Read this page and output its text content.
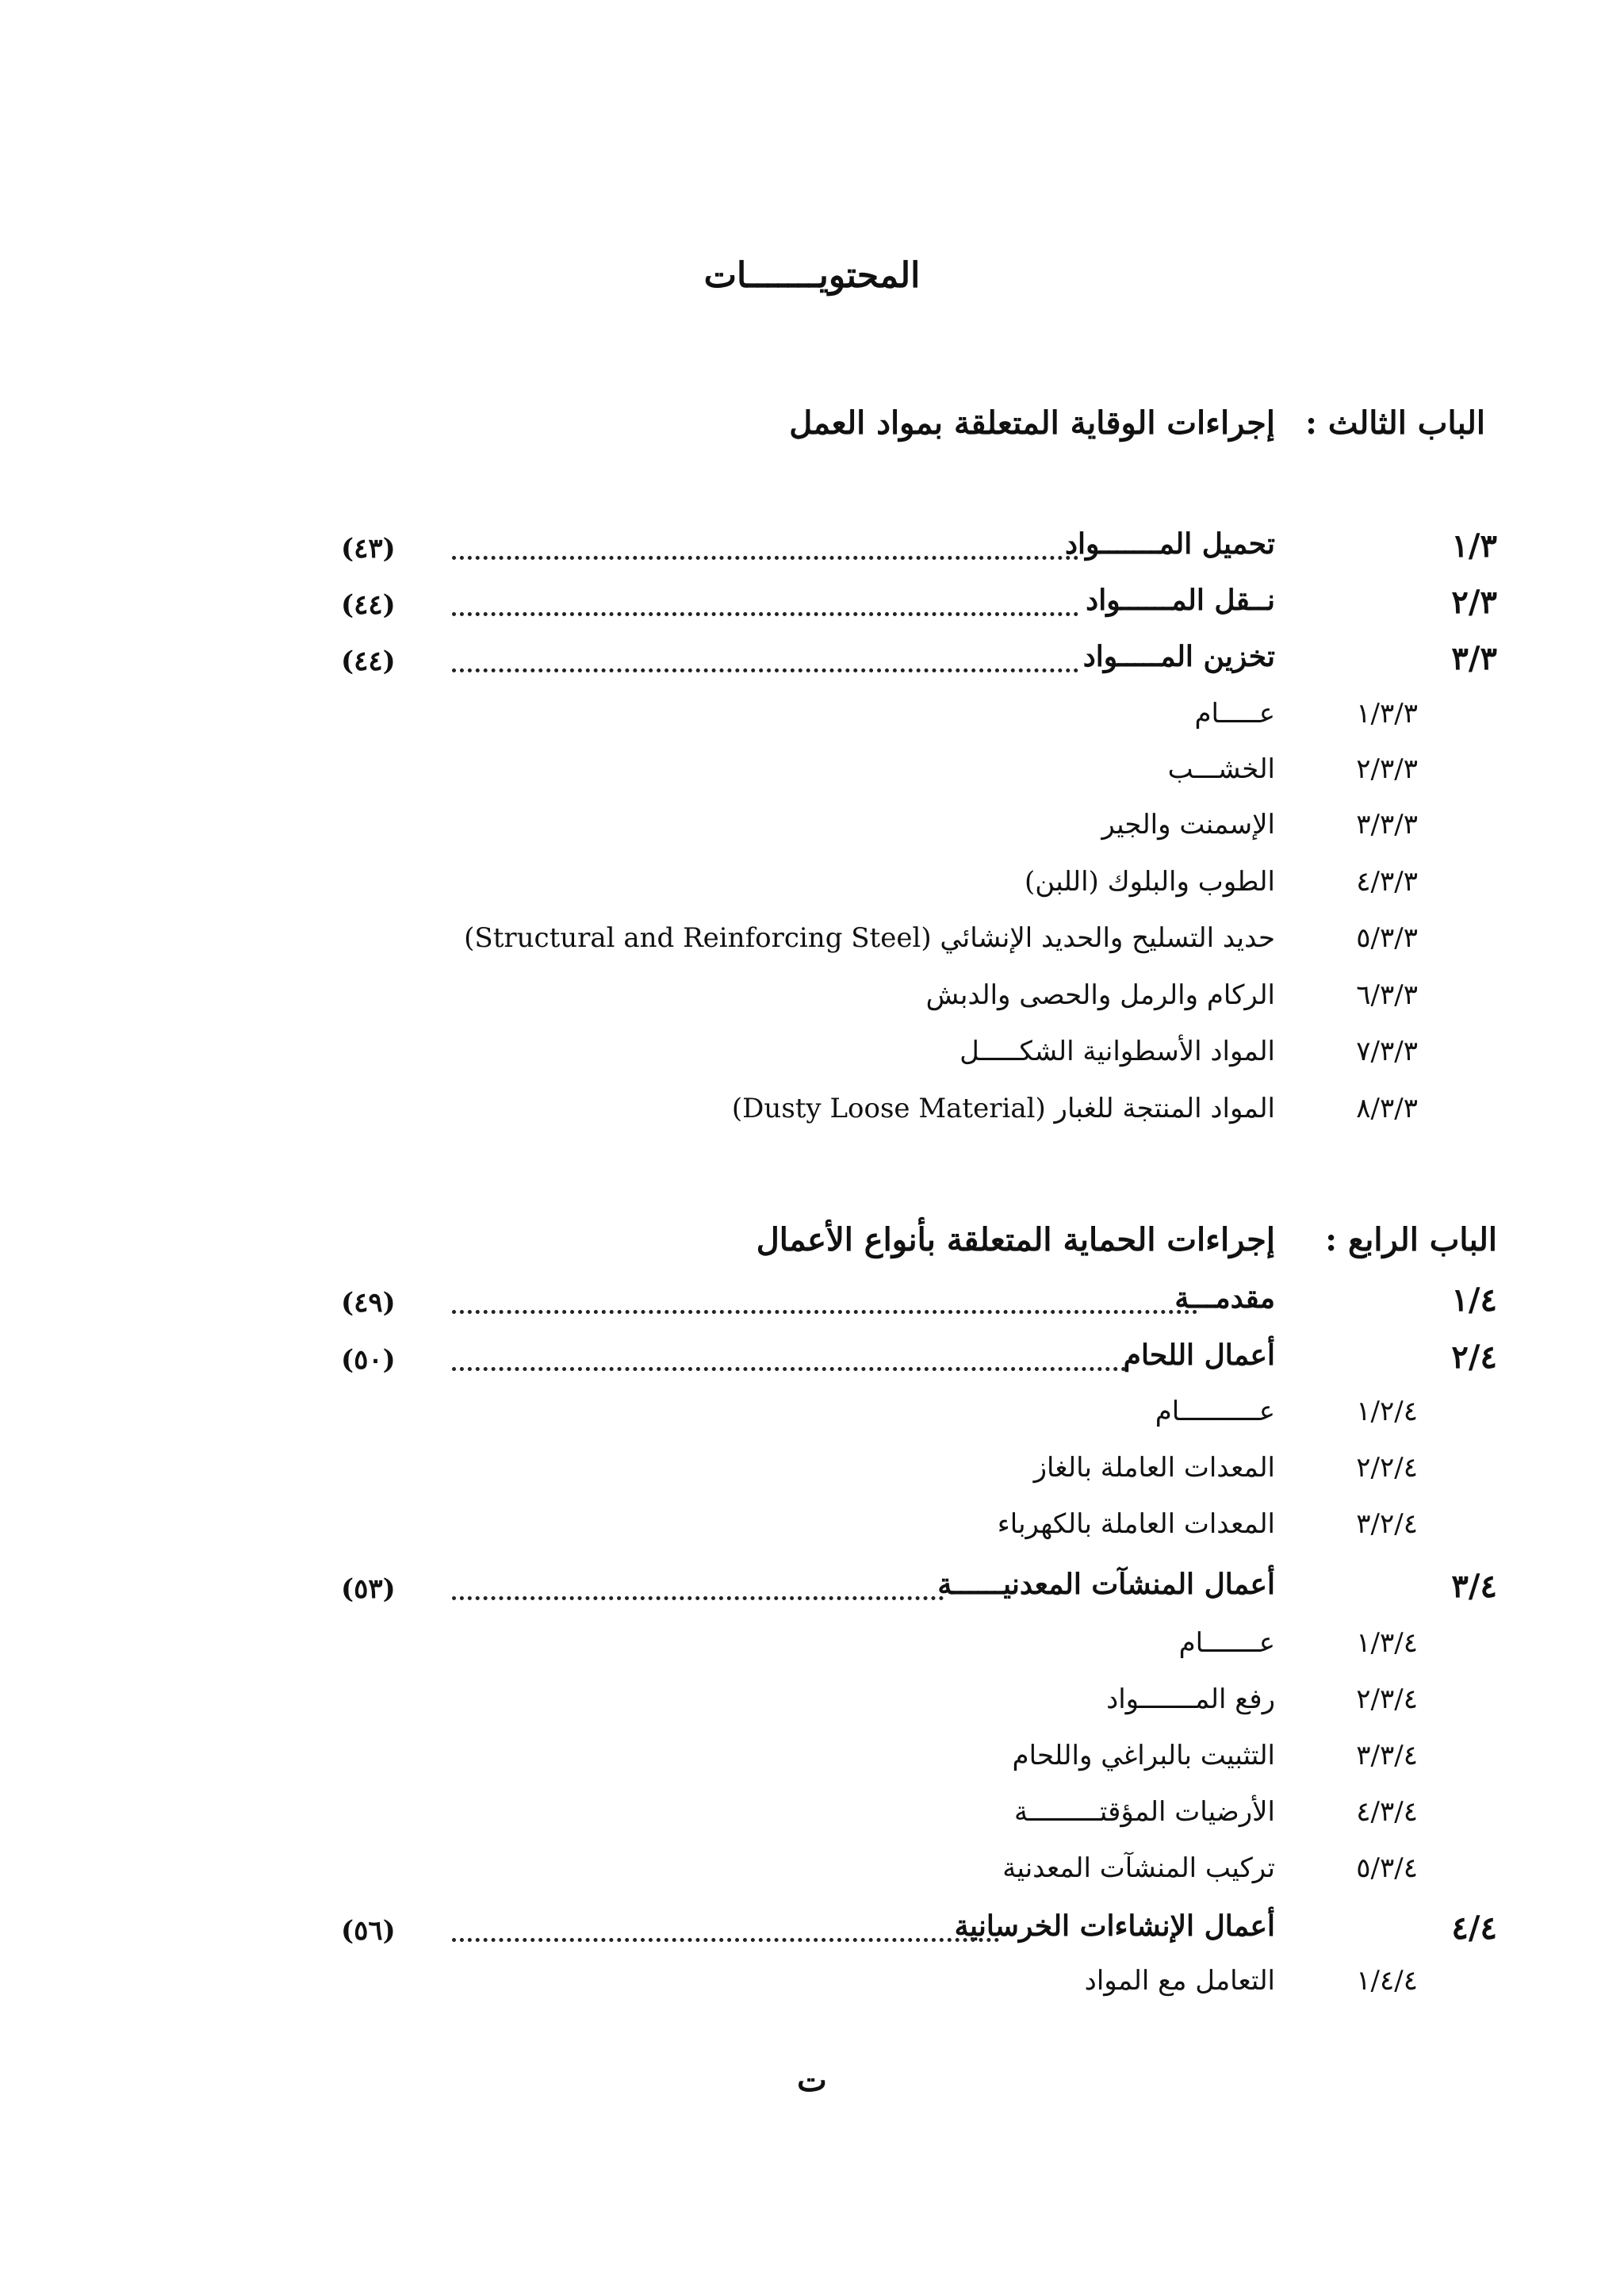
المحتويـــــــات
الباب الثالث :
إجراءات الوقاية المتعلقة بمواد العمل
١/٣
تحميل المـــــــواد
(٤٣)
٢/٣
نــقل المــــــواد
(٤٤)
٣/٣
تخزين المـــــواد
(٤٤)
١/٣/٣
عـــــام
٢/٣/٣
الخشـــب
٣/٣/٣
الإسمنت والجير
٤/٣/٣
الطوب والبلوك (اللبن)
٥/٣/٣
حديد التسليح والحديد الإنشائي (Structural and Reinforcing Steel)
٦/٣/٣
الركام والرمل والحصى والدبش
٧/٣/٣
المواد الأسطوانية الشكـــــل
٨/٣/٣
المواد المنتجة للغبار (Dusty Loose Material)
الباب الرابع :
إجراءات الحماية المتعلقة بأنواع الأعمال
١/٤
مقدمـــة
(٤٩)
٢/٤
أعمال اللحام
(٥٠)
١/٢/٤
عــــــــــام
٢/٢/٤
المعدات العاملة بالغاز
٣/٢/٤
المعدات العاملة بالكهرباء
٣/٤
أعمال المنشآت المعدنيــــــة
(٥٣)
١/٣/٤
عـــــــام
٢/٣/٤
رفع المـــــــواد
٣/٣/٤
التثبيت بالبراغي واللحام
٤/٣/٤
الأرضيات المؤقتـــــــــة
٥/٣/٤
تركيب المنشآت المعدنية
٤/٤
أعمال الإنشاءات الخرسانية
(٥٦)
١/٤/٤
التعامل مع المواد
ت
